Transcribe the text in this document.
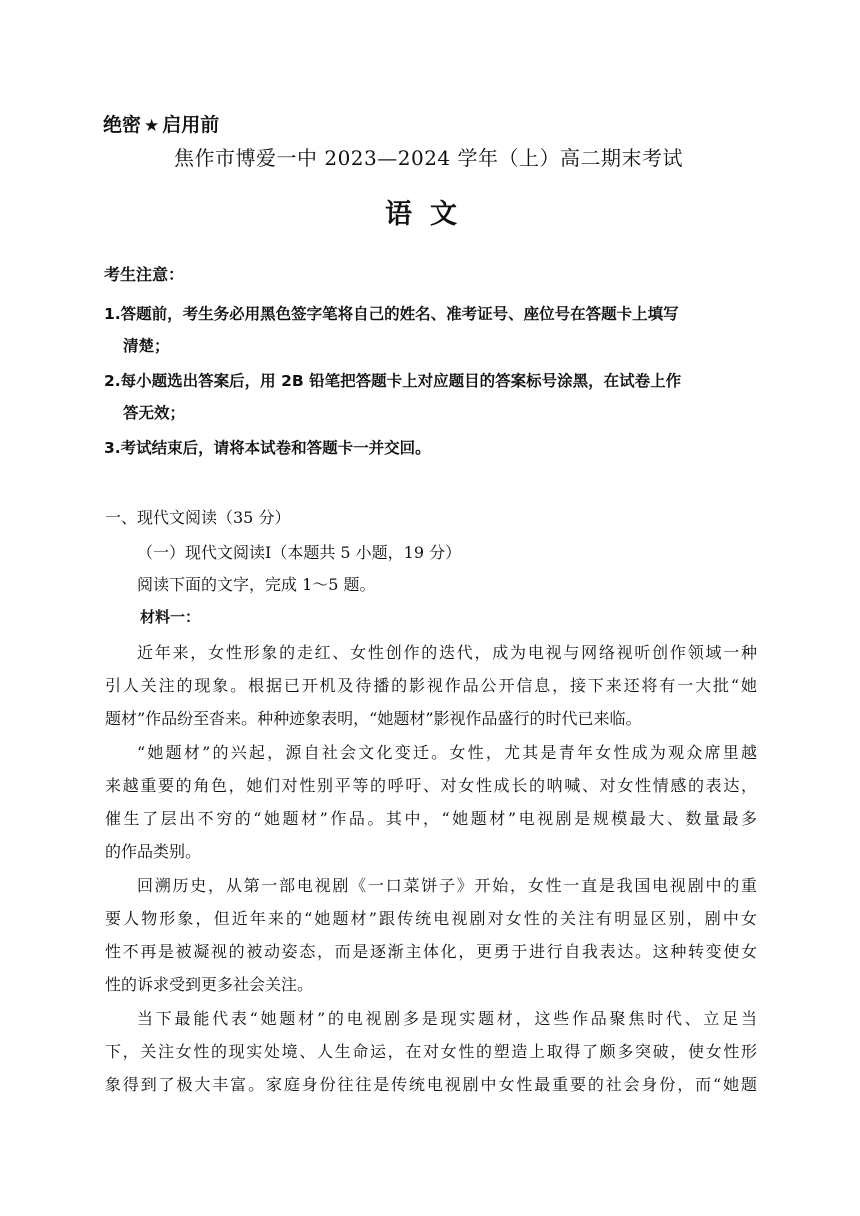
绝密 ★ 启用前
焦作市博爱一中 2023—2024 学年（上）高二期末考试
语文
考生注意：
1.答题前，考生务必用黑色签字笔将自己的姓名、准考证号、座位号在答题卡上填写
清楚；
2.每小题选出答案后，用 2B 铅笔把答题卡上对应题目的答案标号涂黑，在试卷上作
答无效；
3.考试结束后，请将本试卷和答题卡一并交回。
一、现代文阅读（35 分）
（一）现代文阅读Ⅰ（本题共 5 小题，19 分）
阅读下面的文字，完成 1～5 题。
材料一：
近年来，女性形象的走红、女性创作的迭代，成为电视与网络视听创作领域一种
引人关注的现象。根据已开机及待播的影视作品公开信息，接下来还将有一大批“她
题材”作品纷至沓来。种种迹象表明，“她题材”影视作品盛行的时代已来临。
“她题材”的兴起，源自社会文化变迁。女性，尤其是青年女性成为观众席里越
来越重要的角色，她们对性别平等的呼吁、对女性成长的呐喊、对女性情感的表达，
催生了层出不穷的“她题材”作品。其中，“她题材”电视剧是规模最大、数量最多
的作品类别。
回溯历史，从第一部电视剧《一口菜饼子》开始，女性一直是我国电视剧中的重
要人物形象，但近年来的“她题材”跟传统电视剧对女性的关注有明显区别，剧中女
性不再是被凝视的被动姿态，而是逐渐主体化，更勇于进行自我表达。这种转变使女
性的诉求受到更多社会关注。
当下最能代表“她题材”的电视剧多是现实题材，这些作品聚焦时代、立足当
下，关注女性的现实处境、人生命运，在对女性的塑造上取得了颇多突破，使女性形
象得到了极大丰富。家庭身份往往是传统电视剧中女性最重要的社会身份，而“她题
